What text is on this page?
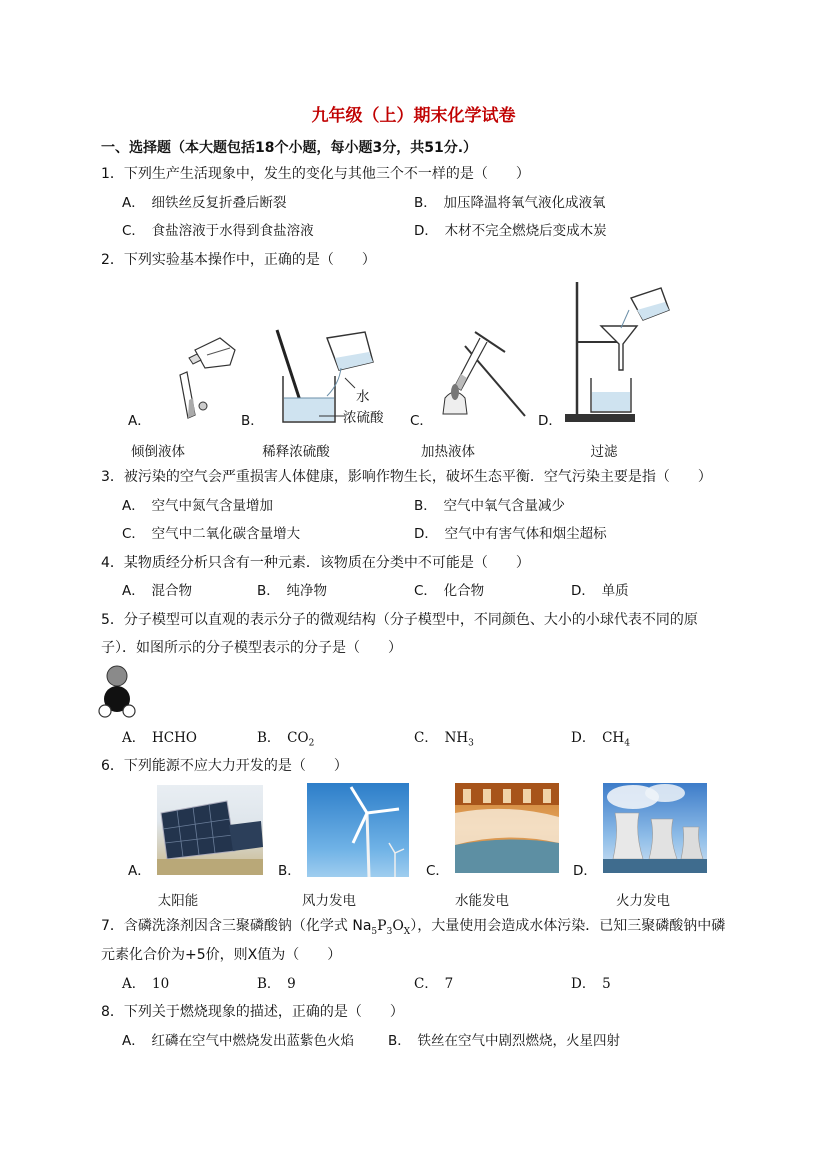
九年级（上）期末化学试卷
一、选择题（本大题包括18个小题，每小题3分，共51分.）
1．下列生产生活现象中，发生的变化与其他三个不一样的是（　　）
A．　细铁丝反复折叠后断裂	B．　加压降温将氧气液化成液氧
C．　食盐溶液于水得到食盐溶液	D．　木材不完全燃烧后变成木炭
2．下列实验基本操作中，正确的是（　　）
A．
倾倒液体
B．
水
浓硫酸
稀释浓硫酸
C．
加热液体
D．
过滤
3．被污染的空气会严重损害人体健康，影响作物生长，破坏生态平衡．空气污染主要是指（　　）
A．　空气中氮气含量增加	B．　空气中氧气含量减少
C．　空气中二氧化碳含量增大	D．　空气中有害气体和烟尘超标
4．某物质经分析只含有一种元素．该物质在分类中不可能是（　　）
A．　混合物	B．　纯净物	C．　化合物	D．　单质
5．分子模型可以直观的表示分子的微观结构（分子模型中，不同颜色、大小的小球代表不同的原
子）．如图所示的分子模型表示的分子是（　　）
A．　HCHO	B．　$CO_2$	C．　$NH_3$	D．　$CH_4$
6．下列能源不应大力开发的是（　　）
A．
太阳能
B．
风力发电
C．
水能发电
D．
火力发电
7．含磷洗涤剂因含三聚磷酸钠（化学式 $Na_5P_3O_X$），大量使用会造成水体污染．已知三聚磷酸钠中磷
元素化合价为+5价，则X值为（　　）
A．　10	B．　9	C．　7	D．　5
8．下列关于燃烧现象的描述，正确的是（　　）
A．　红磷在空气中燃烧发出蓝紫色火焰	B．　铁丝在空气中剧烈燃烧，火星四射
